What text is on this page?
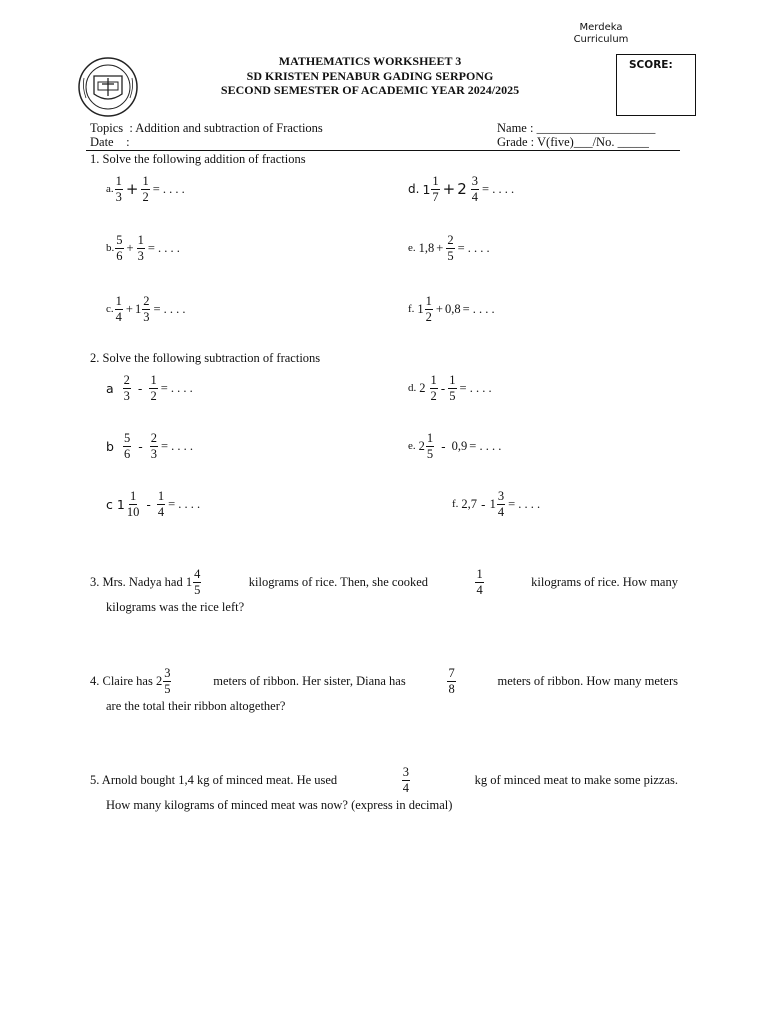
Merdeka
Curriculum
MATHEMATICS WORKSHEET 3
SD KRISTEN PENABUR GADING SERPONG
SECOND SEMESTER OF ACADEMIC YEAR 2024/2025
SCORE:
Topics  : Addition and subtraction of Fractions
Date    :
Name : ___________________
Grade : V(five)___/No. _____
1. Solve the following addition of fractions
a. $\frac{1}{3} + \frac{1}{2}$ = . . . .
b. $\frac{5}{6} + \frac{1}{3}$ = . . . .
c. $\frac{1}{4} + 1 \frac{2}{3}$ = . . . .
d. $1 \frac{1}{7} + 2 \frac{3}{4}$ = . . . .
e. $1,8 + \frac{2}{5}$ = . . . .
f. $1 \frac{1}{2} + 0,8$ = . . . .
2. Solve the following subtraction of fractions
a $\frac{2}{3} - \frac{1}{2}$ = . . . .
b $\frac{5}{6} - \frac{2}{3}$ = . . . .
c $1 \frac{1}{10} - \frac{1}{4}$ = . . . .
d. $2 \frac{1}{2} - \frac{1}{5}$ = . . . .
e. $2 \frac{1}{5} - 0,9$ = . . . .
f. $2,7 - 1 \frac{3}{4}$ = . . . .
3. Mrs. Nadya had $1 \frac{4}{5}$	kilograms of rice. Then, she cooked	$\frac{1}{4}$	kilograms of rice. How many
kilograms was the rice left?
4. Claire has $2 \frac{3}{5}$	meters of ribbon. Her sister, Diana has	$\frac{7}{8}$	meters of ribbon. How many meters
are the total their ribbon altogether?
5. Arnold bought 1,4 kg of minced meat. He used	$\frac{3}{4}$	kg of minced meat to make some pizzas.
How many kilograms of minced meat was now? (express in decimal)
